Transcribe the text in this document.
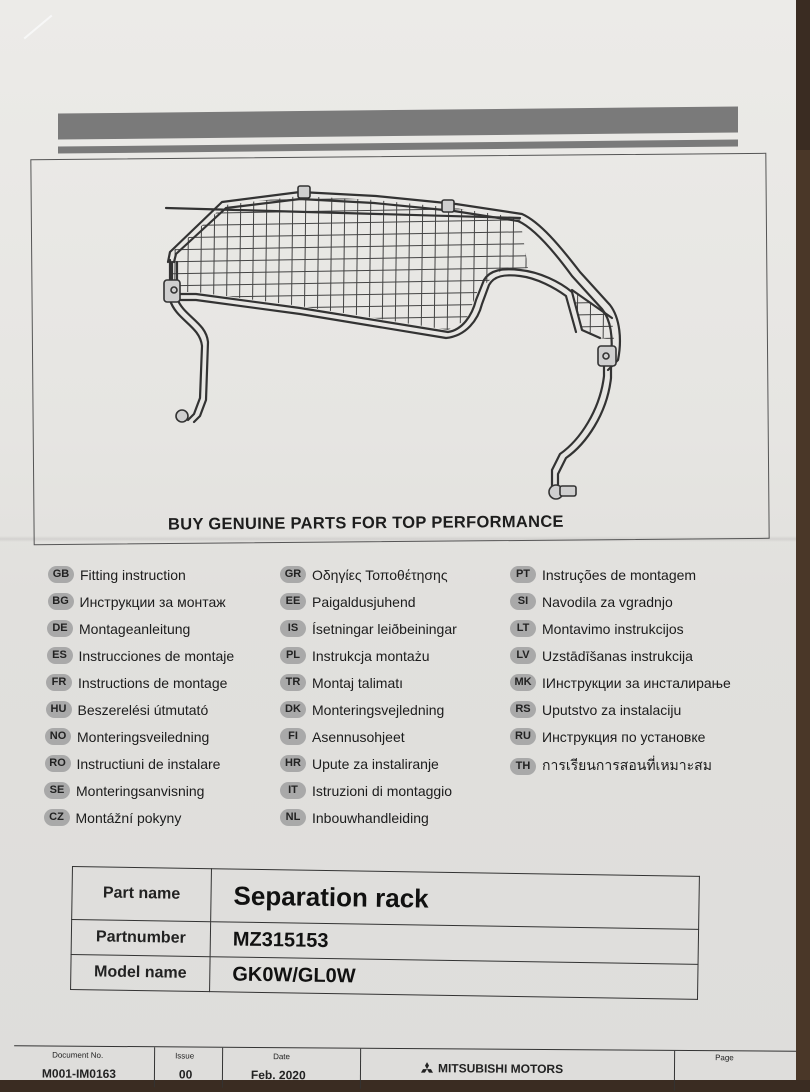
BUY GENUINE PARTS FOR TOP PERFORMANCE
GB Fitting instruction
BG Инструкции за монтаж
DE Montageanleitung
ES Instrucciones de montaje
FR Instructions de montage
HU Beszerelési útmutató
NO Monteringsveiledning
RO Instructiuni de instalare
SE Monteringsanvisning
CZ Montážní pokyny
GR Οδηγίες Τοποθέτησης
EE Paigaldusjuhend
IS Ísetningar leiðbeiningar
PL Instrukcja montażu
TR Montaj talimatı
DK Monteringsvejledning
FI	Asennusohjeet
HR Upute za instaliranje
IT	Istruzioni di montaggio
NL Inbouwhandleiding
PT Instruções de montagem
SI Navodila za vgradnjo
LT Montavimo instrukcijos
LV Uzstādīšanas instrukcija
MK IИнструкции за инсталирање
RS Uputstvo za instalaciju
RU Инструкция по установке
TH การเรียนการสอนที่เหมาะสม
Part name	Separation rack
Partnumber	MZ315153
Model name	GK0W/GL0W
Document No.
M001-IM0163
Issue
00
Date
Feb. 2020	MITSUBISHI MOTORS
Page
